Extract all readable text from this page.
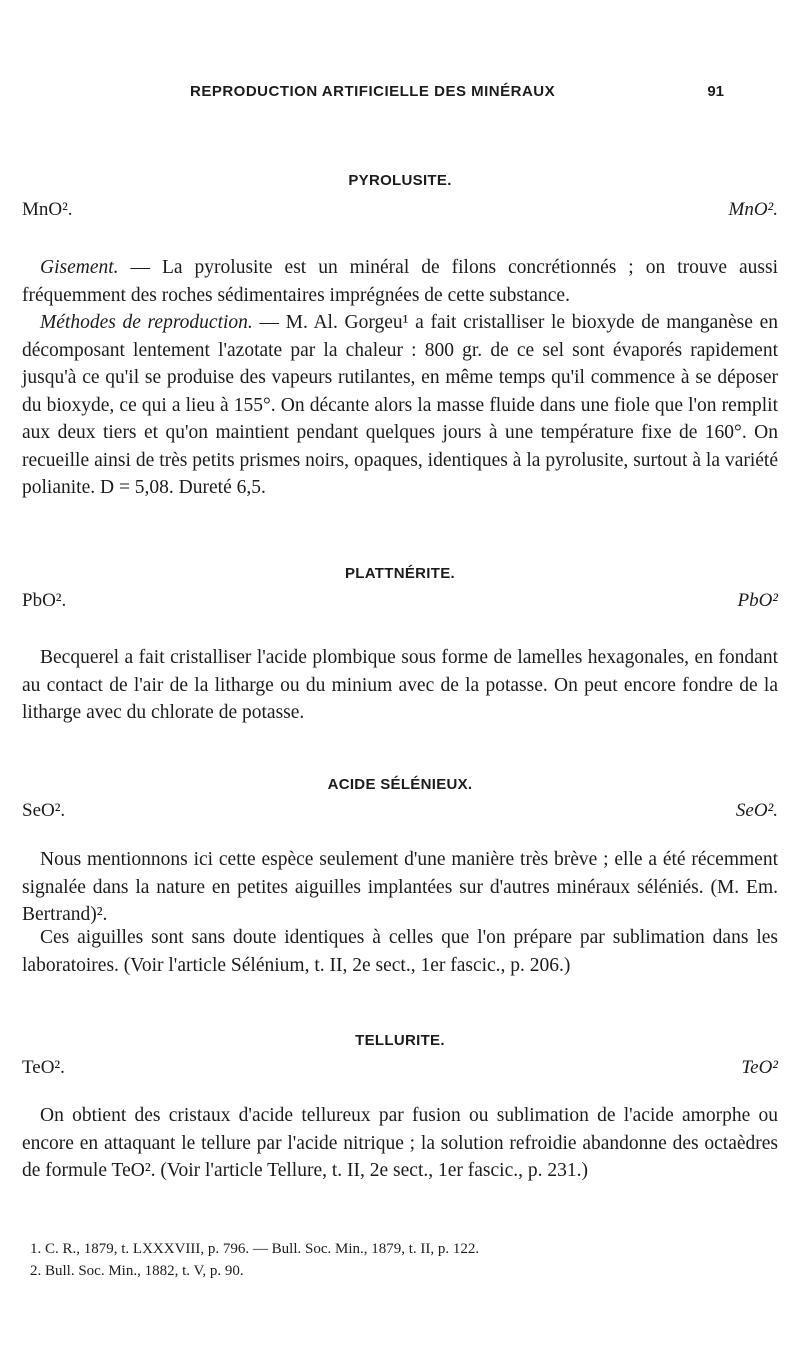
REPRODUCTION ARTIFICIELLE DES MINÉRAUX	91
PYROLUSITE.
MnO².	MnO².
Gisement. — La pyrolusite est un minéral de filons concrétionnés ; on trouve aussi fréquemment des roches sédimentaires imprégnées de cette substance.
Méthodes de reproduction. — M. Al. Gorgeu¹ a fait cristalliser le bioxyde de manganèse en décomposant lentement l'azotate par la chaleur : 800 gr. de ce sel sont évaporés rapidement jusqu'à ce qu'il se produise des vapeurs rutilantes, en même temps qu'il commence à se déposer du bioxyde, ce qui a lieu à 155°. On décante alors la masse fluide dans une fiole que l'on remplit aux deux tiers et qu'on maintient pendant quelques jours à une température fixe de 160°. On recueille ainsi de très petits prismes noirs, opaques, identiques à la pyrolusite, surtout à la variété polianite. D = 5,08. Dureté 6,5.
PLATTNÉRITE.
PbO².	PbO²
Becquerel a fait cristalliser l'acide plombique sous forme de lamelles hexagonales, en fondant au contact de l'air de la litharge ou du minium avec de la potasse. On peut encore fondre de la litharge avec du chlorate de potasse.
ACIDE SÉLÉNIEUX.
SeO².	SeO².
Nous mentionnons ici cette espèce seulement d'une manière très brève ; elle a été récemment signalée dans la nature en petites aiguilles implantées sur d'autres minéraux séléniés. (M. Em. Bertrand)².
Ces aiguilles sont sans doute identiques à celles que l'on prépare par sublimation dans les laboratoires. (Voir l'article Sélénium, t. II, 2e sect., 1er fascic., p. 206.)
TELLURITE.
TeO².	TeO²
On obtient des cristaux d'acide tellureux par fusion ou sublimation de l'acide amorphe ou encore en attaquant le tellure par l'acide nitrique ; la solution refroidie abandonne des octaèdres de formule TeO². (Voir l'article Tellure, t. II, 2e sect., 1er fascic., p. 231.)
1. C. R., 1879, t. LXXXVIII, p. 796. — Bull. Soc. Min., 1879, t. II, p. 122.
2. Bull. Soc. Min., 1882, t. V, p. 90.
